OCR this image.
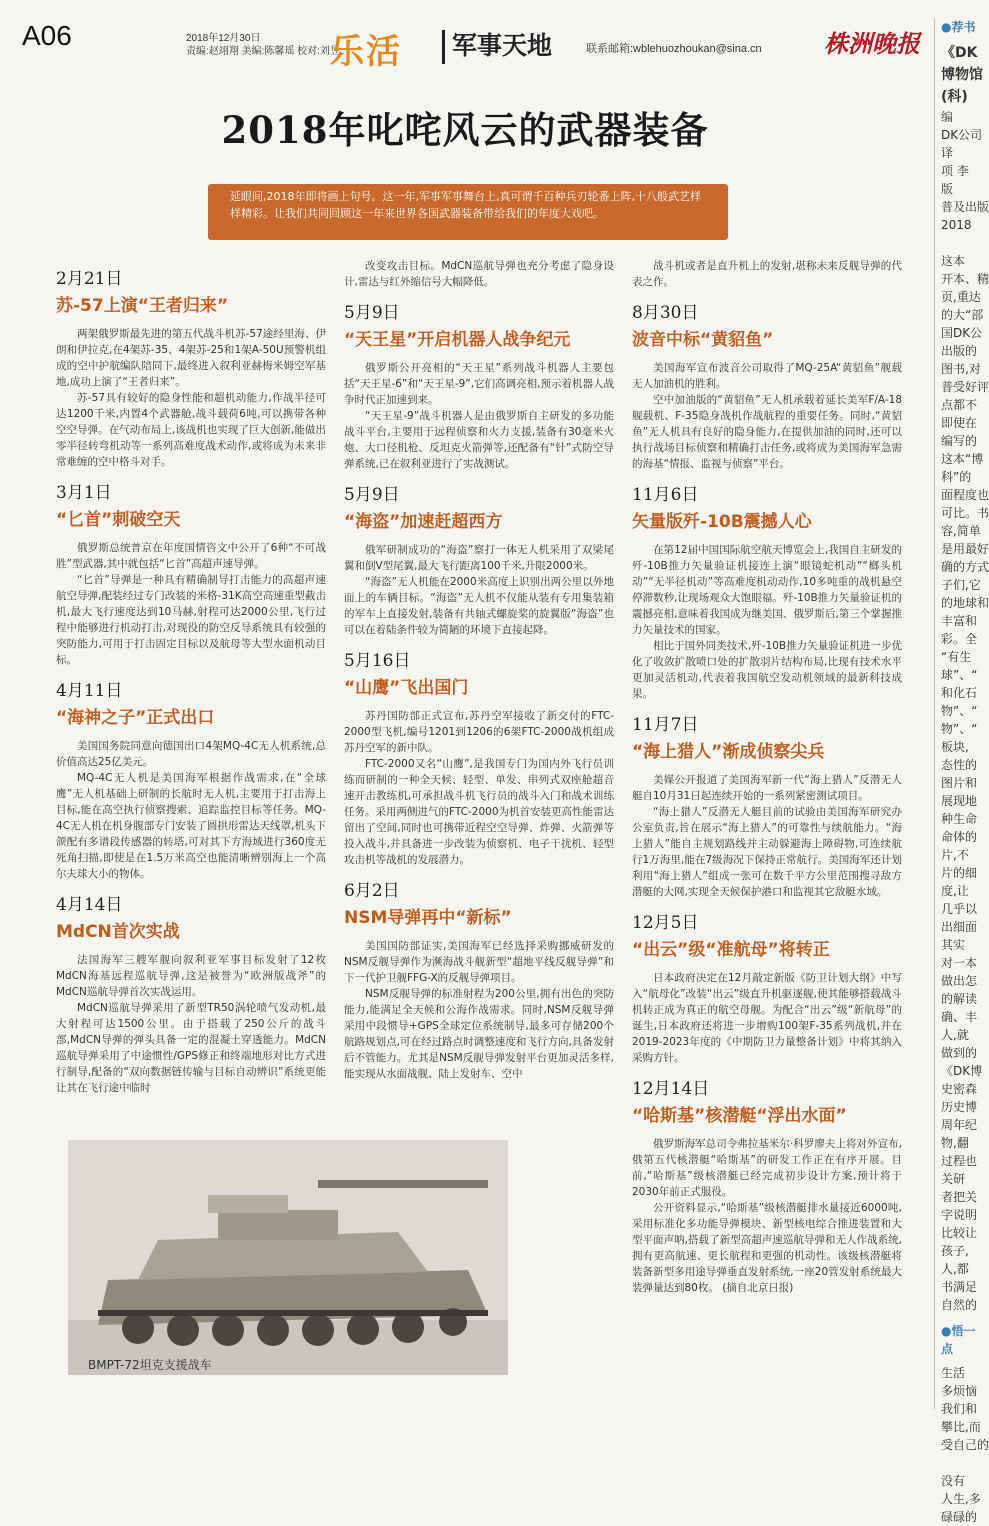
A06	2018年12月30日
责编:赵翊翔 美编:陈馨瑶 校对:刘昱
乐活	军事天地	联系邮箱:wblehuozhoukan@sina.cn	株洲晚报
2018年叱咤风云的武器装备
延眼间,2018年即将画上句号。这一年,军事军事舞台上,真可谓千百种兵刃轮番上阵,十八般武艺样样精彩。让我们共同回顾这一年来世界各国武器装备带给我们的年度大戏吧。
2月21日
苏-57上演“王者归来”

两架俄罗斯最先进的第五代战斗机苏-57途经里海、伊朗和伊拉克,在4架苏-35、4架苏-25和1架A-50U预警机组成的空中护航编队陪同下,最终进入叙利亚赫梅米姆空军基地,成功上演了“王者归来”。

苏-57具有较好的隐身性能和超机动能力,作战半径可达1200千米,内置4个武器舱,战斗载荷6吨,可以携带各种空空导弹。在气动布局上,该战机也实现了巨大创新,能做出零半径转弯机动等一系列高难度战术动作,或将成为未来非常难缠的空中格斗对手。

3月1日
“匕首”刺破空天

俄罗斯总统普京在年度国情咨文中公开了6种“不可战胜”型武器,其中就包括“匕首”高超声速导弹。

“匕首”导弹是一种具有精确制导打击能力的高超声速航空导弹,配装经过专门改装的米格-31K高空高速重型截击机,最大飞行速度达到10马赫,射程可达2000公里,飞行过程中能够进行机动打击,对现役的防空反导系统具有较强的突防能力,可用于打击固定目标以及航母等大型水面机动目标。

4月11日
“海神之子”正式出口

美国国务院同意向德国出口4架MQ-4C无人机系统,总价值高达25亿美元。

MQ-4C无人机是美国海军根据作战需求,在“全球鹰”无人机基础上研制的长航时无人机,主要用于打击海上目标,能在高空执行侦察搜索、追踪监控目标等任务。MQ-4C无人机在机身腹部专门安装了圆拱形雷达天线罩,机头下颌配有多谱段传感器的转塔,可对其下方海域进行360度无死角扫描,即使是在1.5万米高空也能清晰辨别海上一个高尔夫球大小的物体。

4月14日
MdCN首次实战

法国海军三艘军舰向叙利亚军事目标发射了12枚MdCN海基远程巡航导弹,这是被誉为“欧洲版战斧”的MdCN巡航导弹首次实战运用。

MdCN巡航导弹采用了新型TR50涡轮喷气发动机,最大射程可达1500公里。由于搭载了250公斤的战斗部,MdCN导弹的弹头具备一定的混凝土穿透能力。MdCN巡航导弹采用了中途惯性/GPS修正和终端地形对比方式进行制导,配备的“双向数据链传输与目标自动辨识”系统更能让其在飞行途中临时

改变攻击目标。MdCN巡航导弹也充分考虑了隐身设计,雷达与红外缩信号大幅降低。

5月9日
“天王星”开启机器人战争纪元

俄罗斯公开亮相的“天王星”系列战斗机器人主要包括“天王星-6”和“天王星-9”,它们高调亮相,预示着机器人战争时代正加速到来。

“天王星-9”战斗机器人是由俄罗斯自主研发的多功能战斗平台,主要用于远程侦察和火力支援,装备有30毫米火炮、大口径机枪、反坦克火箭弹等,还配备有“针”式防空导弹系统,已在叙利亚进行了实战测试。

5月9日
“海盗”加速赶超西方

俄军研制成功的“海盗”察打一体无人机采用了双梁尾翼和倒V型尾翼,最大飞行距离100千米,升限2000米。

“海盗”无人机能在2000米高度上识别出两公里以外地面上的车辆目标。“海盗”无人机不仅能从装有专用集装箱的军车上直接发射,装备有共轴式螺旋桨的旋翼版“海盗”也可以在着陆条件较为简陋的环境下直接起降。

5月16日
“山鹰”飞出国门

苏丹国防部正式宣布,苏丹空军接收了新交付的FTC-2000型飞机,编号1201到1206的6架FTC-2000战机组成苏丹空军的新中队。

FTC-2000又名“山鹰”,是我国专门为国内外飞行员训练而研制的一种全天候、轻型、单发、串列式双座舱超音速开击教练机,可承担战斗机飞行员的战斗入门和战术训练任务。采用两侧进气的FTC-2000为机首安装更高性能雷达留出了空间,同时也可携带近程空空导弹、炸弹、火箭弹等投入战斗,并具备进一步改装为侦察机、电子干扰机、轻型攻击机等战机的发展潜力。

6月2日
NSM导弹再中“新标”

美国国防部证实,美国海军已经选择采购挪威研发的NSM反舰导弹作为濒海战斗舰新型“超地平线反舰导弹”和下一代护卫舰FFG-X的反舰导弹项目。

NSM反舰导弹的标准射程为200公里,拥有出色的突防能力,能满足全天候和公海作战需求。同时,NSM反舰导弹采用中段惯导+GPS全球定位系统制导,最多可存储200个航路规划点,可在经过路点时调整速度和飞行方向,具备发射后不管能力。尤其是NSM反舰导弹发射平台更加灵活多样,能实现从水面战舰、陆上发射车、空中

战斗机或者是直升机上的发射,堪称未来反舰导弹的代表之作。

8月30日
波音中标“黄貂鱼”

美国海军宣布波音公司取得了MQ-25A“黄貂鱼”舰载无人加油机的胜利。

空中加油版的“黄貂鱼”无人机承载着延长美军F/A-18舰载机、F-35隐身战机作战航程的重要任务。同时,“黄貂鱼”无人机具有良好的隐身能力,在提供加油的同时,还可以执行战场目标侦察和精确打击任务,或将成为美国海军急需的海基“情报、监视与侦察”平台。

11月6日
矢量版歼-10B震撼人心

在第12届中国国际航空航天博览会上,我国自主研发的歼-10B推力矢量验证机接连上演“眼镜蛇机动”“榔头机动”“无半径机动”等高难度机动动作,10多吨重的战机悬空停滞数秒,让现场观众大饱眼福。歼-10B推力矢量验证机的震撼亮相,意味着我国成为继美国、俄罗斯后,第三个掌握推力矢量技术的国家。

相比于国外同类技术,歼-10B推力矢量验证机进一步优化了收敛扩散喷口处的扩散羽片结构布局,比现有技术水平更加灵活机动,代表着我国航空发动机领域的最新科技成果。

11月7日
“海上猎人”渐成侦察尖兵

美媒公开报道了美国海军新一代“海上猎人”反潜无人艇自10月31日起连续开始的一系列紧密测试项目。

“海上猎人”反潜无人艇目前的试验由美国海军研究办公室负责,旨在展示“海上猎人”的可靠性与续航能力。“海上猎人”能自主规划路线并主动躲避海上障碍物,可连续航行1万海里,能在7级海况下保持正常航行。美国海军还计划利用“海上猎人”组成一张可在数千平方公里范围搜寻敌方潜艇的大网,实现全天候保护港口和监视其它敌艇水域。

12月5日
“出云”级“准航母”将转正

日本政府决定在12月敲定新版《防卫计划大纲》中写入“航母化”改装“出云”级直升机驱逐舰,使其能够搭载战斗机转正成为真正的航空母舰。为配合“出云”级“新航母”的诞生,日本政府还将进一步增购100架F-35系列战机,并在2019-2023年度的《中期防卫力量整备计划》中将其纳入采购方针。

12月14日
“哈斯基”核潜艇“浮出水面”

俄罗斯海军总司令弗拉基米尔·科罗廖夫上将对外宣布,俄第五代核潜艇“哈斯基”的研发工作正在有序开展。目前,“哈斯基”级核潜艇已经完成初步设计方案,预计将于2030年前正式服役。

公开资料显示,“哈斯基”级核潜艇排水量接近6000吨,采用标准化多功能导弹模块、新型核电综合推进装置和大型平面声呐,搭载了新型高超声速巡航导弹和无人作战系统,拥有更高航速、更长航程和更强的机动性。该级核潜艇将装备新型多用途导弹垂直发射系统,一座20管发射系统最大装弹量达到80枚。 (摘自北京日报)

BMPT-72坦克支援战车
●荐书
《DK博物馆(科)

编

DK公司

译

项 李

版

普及出版

2018

这本

开本、精

页,重达

的大“部

国DK公

出版的

图书,对

普受好评

点都不

即使在

编写的

这本“博

科”的

面程度也

可比。书

容,简单

是用最好

确的方式

子们,它

的地球和

丰富和

彩。全

“有生

球”、“

和化石

物”、“

物”、“

板块,

态性的

图片和

展现地

种生命

命体的

片,不

片的细

度,让

几乎以

出细面

其实

对一本

做出怎

的解读

确、丰

人,就

做到的

《DK博

史密森

历史博

周年纪

物,翻

过程也

关研

者把关

字说明

比较让

孩子,

人,都

书满足

自然的

●悟一点

生活

多烦恼

我们和

攀比,而

受自己的

没有

人生,多

碌碌的
